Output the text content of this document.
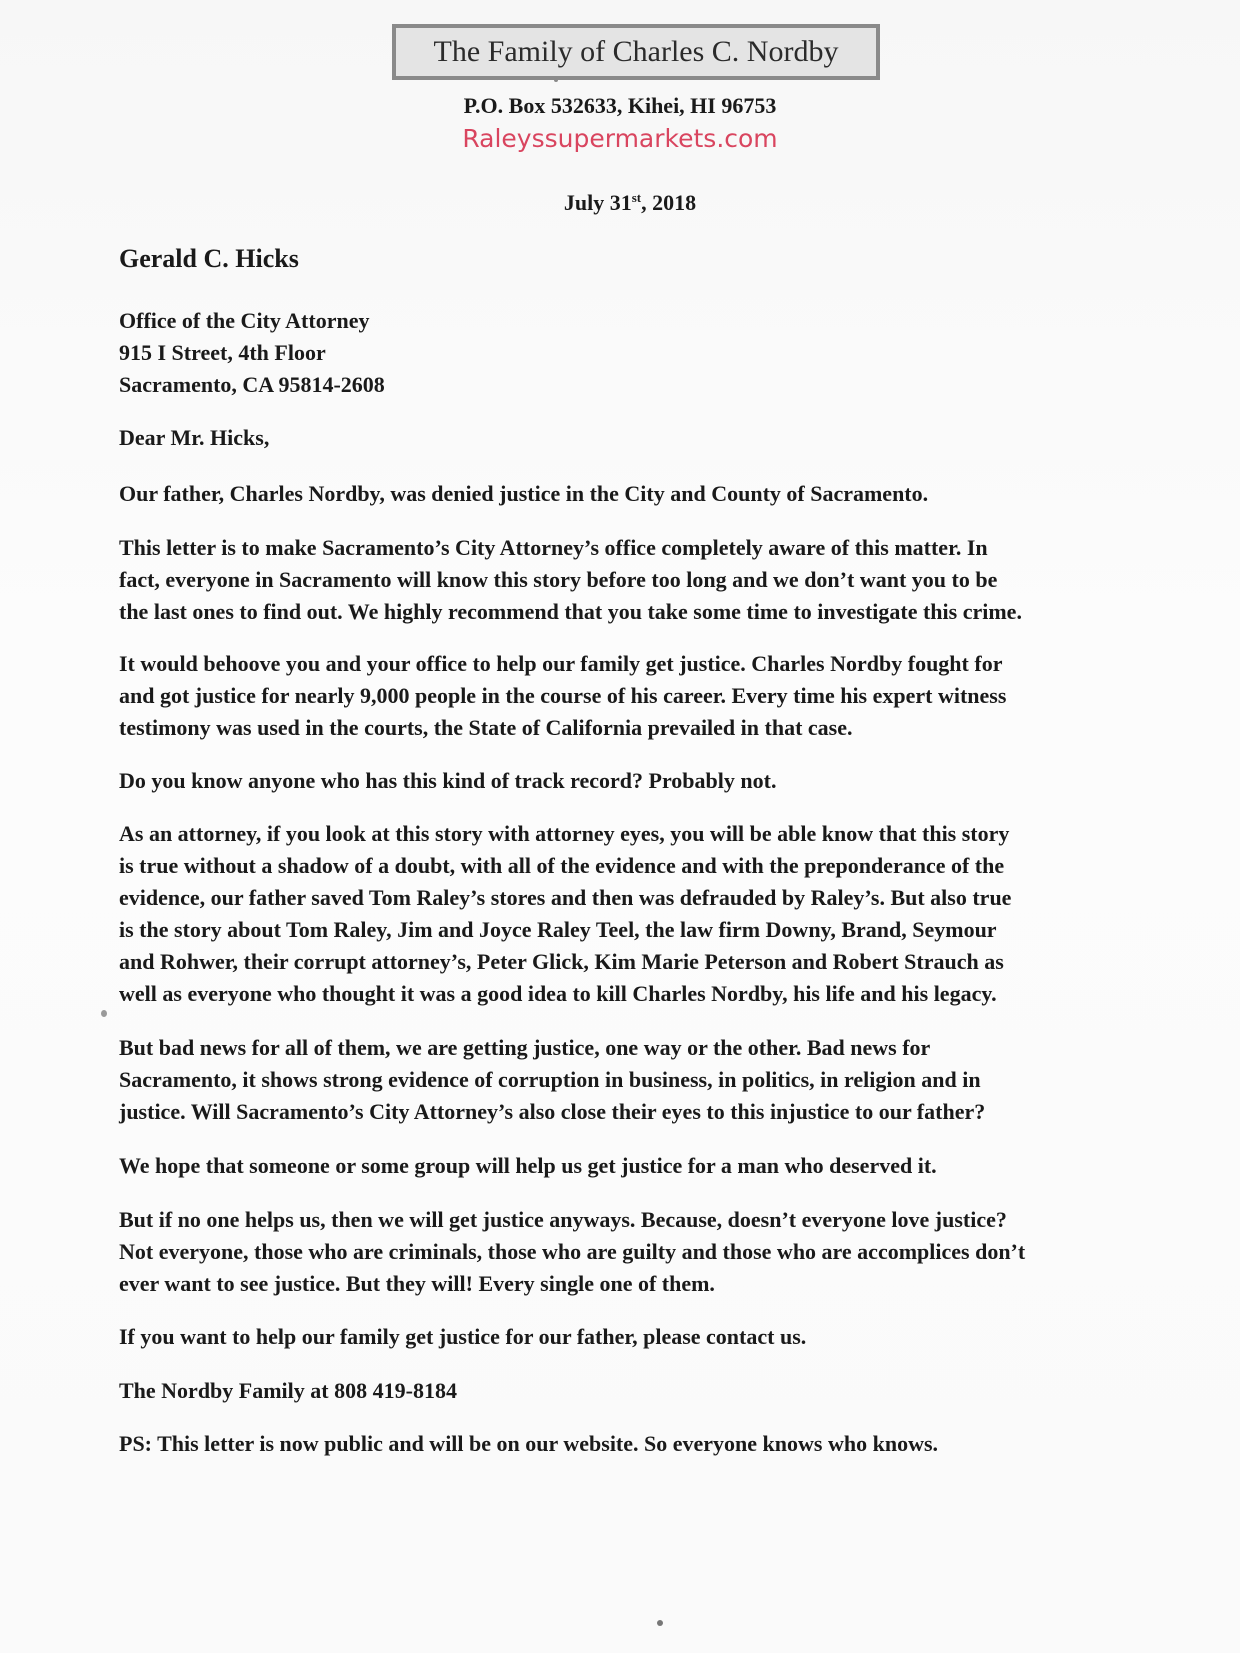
The Family of Charles C. Nordby
P.O. Box 532633, Kihei, HI 96753
Raleyssupermarkets.com
July 31st, 2018
Gerald C. Hicks
Office of the City Attorney
915 I Street, 4th Floor
Sacramento, CA 95814-2608

Dear Mr. Hicks,

Our father, Charles Nordby, was denied justice in the City and County of Sacramento.

This letter is to make Sacramento’s City Attorney’s office completely aware of this matter. In
fact, everyone in Sacramento will know this story before too long and we don’t want you to be
the last ones to find out. We highly recommend that you take some time to investigate this crime.

It would behoove you and your office to help our family get justice. Charles Nordby fought for
and got justice for nearly 9,000 people in the course of his career. Every time his expert witness
testimony was used in the courts, the State of California prevailed in that case.

Do you know anyone who has this kind of track record? Probably not.

As an attorney, if you look at this story with attorney eyes, you will be able know that this story
is true without a shadow of a doubt, with all of the evidence and with the preponderance of the
evidence, our father saved Tom Raley’s stores and then was defrauded by Raley’s. But also true
is the story about Tom Raley, Jim and Joyce Raley Teel, the law firm Downy, Brand, Seymour
and Rohwer, their corrupt attorney’s, Peter Glick, Kim Marie Peterson and Robert Strauch as
well as everyone who thought it was a good idea to kill Charles Nordby, his life and his legacy.

But bad news for all of them, we are getting justice, one way or the other. Bad news for
Sacramento, it shows strong evidence of corruption in business, in politics, in religion and in
justice. Will Sacramento’s City Attorney’s also close their eyes to this injustice to our father?

We hope that someone or some group will help us get justice for a man who deserved it.

But if no one helps us, then we will get justice anyways. Because, doesn’t everyone love justice?
Not everyone, those who are criminals, those who are guilty and those who are accomplices don’t
ever want to see justice. But they will! Every single one of them.

If you want to help our family get justice for our father, please contact us.

The Nordby Family at 808 419-8184

PS: This letter is now public and will be on our website. So everyone knows who knows.
